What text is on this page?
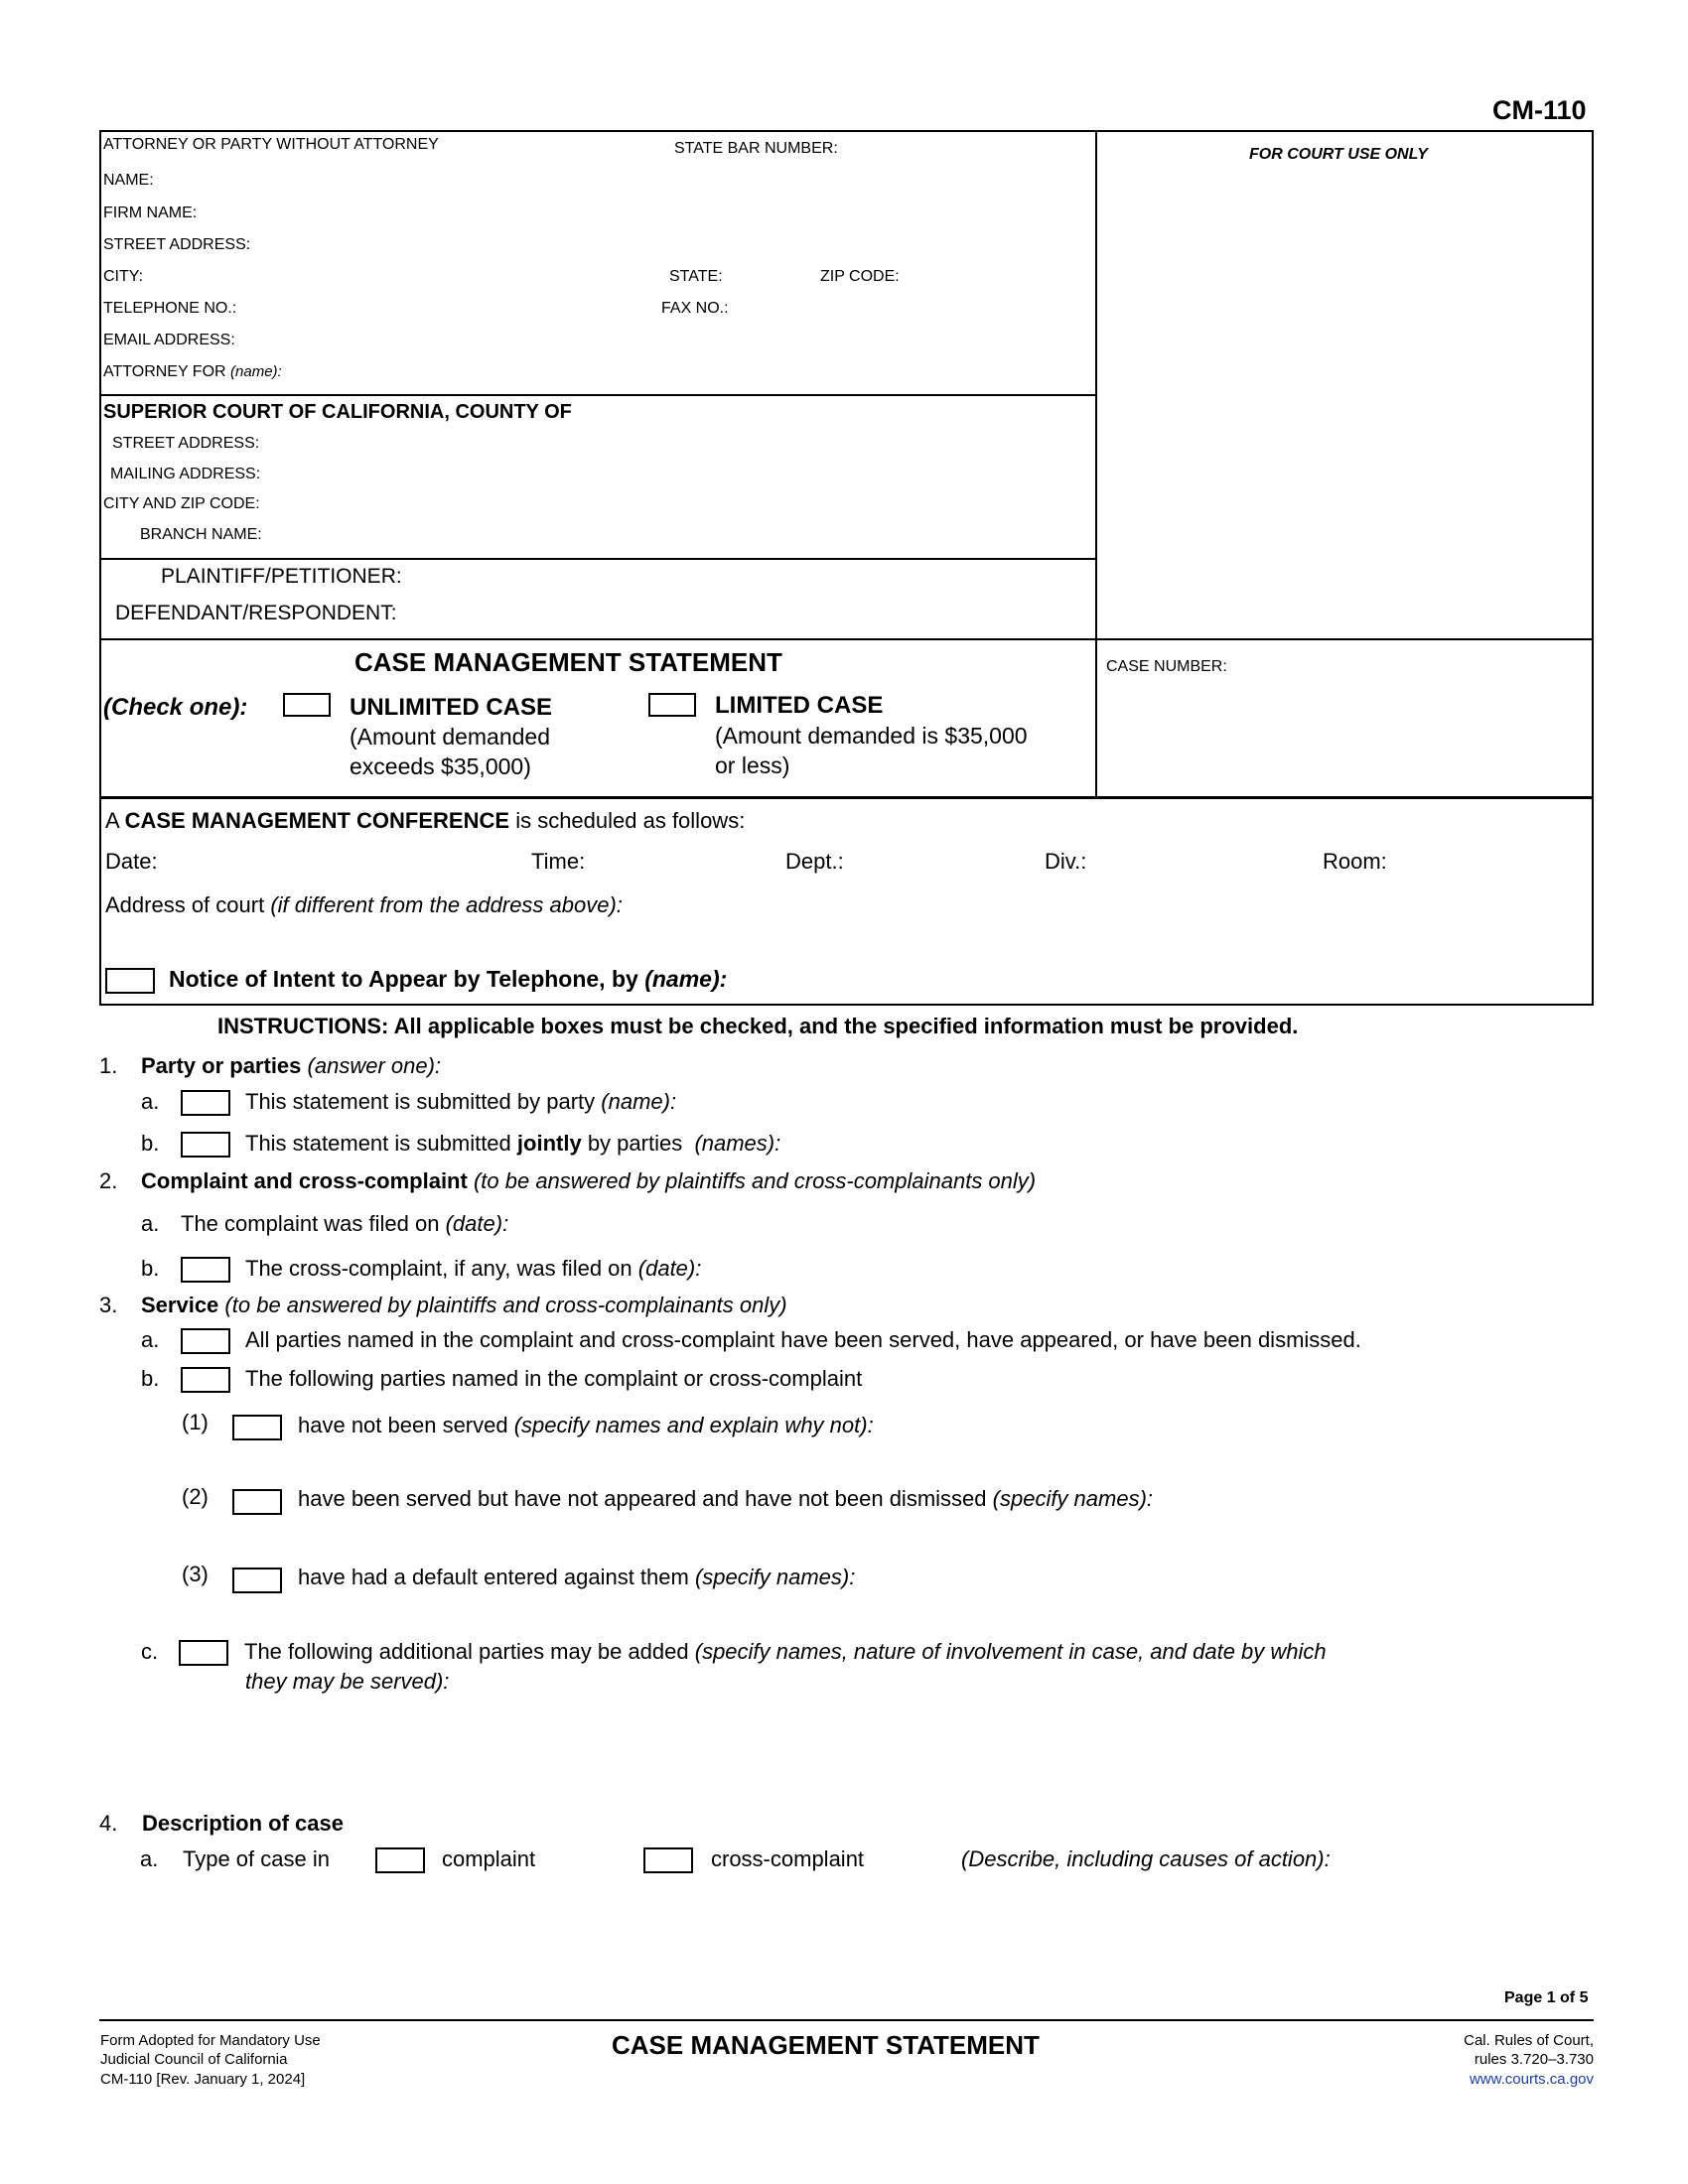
CM-110
ATTORNEY OR PARTY WITHOUT ATTORNEY	STATE BAR NUMBER:
NAME:
FIRM NAME:
STREET ADDRESS:
CITY:	STATE:	ZIP CODE:
TELEPHONE NO.:	FAX NO.:
EMAIL ADDRESS:
ATTORNEY FOR (name):
FOR COURT USE ONLY
SUPERIOR COURT OF CALIFORNIA, COUNTY OF
STREET ADDRESS:
MAILING ADDRESS:
CITY AND ZIP CODE:
BRANCH NAME:
PLAINTIFF/PETITIONER:
DEFENDANT/RESPONDENT:
CASE MANAGEMENT STATEMENT
(Check one):	UNLIMITED CASE
(Amount demanded
exceeds $35,000)
LIMITED CASE
(Amount demanded is $35,000
or less)
CASE NUMBER:
A CASE MANAGEMENT CONFERENCE is scheduled as follows:
Date:	Time:	Dept.:	Div.:	Room:
Address of court (if different from the address above):
Notice of Intent to Appear by Telephone, by (name):
INSTRUCTIONS: All applicable boxes must be checked, and the specified information must be provided.
1. Party or parties (answer one):
a.	This statement is submitted by party (name):
b.	This statement is submitted jointly by parties (names):
2. Complaint and cross-complaint (to be answered by plaintiffs and cross-complainants only)
a. The complaint was filed on (date):
b.	The cross-complaint, if any, was filed on (date):
3. Service (to be answered by plaintiffs and cross-complainants only)
a.	All parties named in the complaint and cross-complaint have been served, have appeared, or have been dismissed.
b.	The following parties named in the complaint or cross-complaint
(1)	have not been served (specify names and explain why not):
(2)	have been served but have not appeared and have not been dismissed (specify names):
(3)	have had a default entered against them (specify names):
c.	The following additional parties may be added (specify names, nature of involvement in case, and date by which
they may be served):
4. Description of case
a. Type of case in	complaint	cross-complaint	(Describe, including causes of action):
Page 1 of 5
Form Adopted for Mandatory Use
Judicial Council of California
CM-110 [Rev. January 1, 2024]
CASE MANAGEMENT STATEMENT	Cal. Rules of Court,
rules 3.720–3.730
www.courts.ca.gov
